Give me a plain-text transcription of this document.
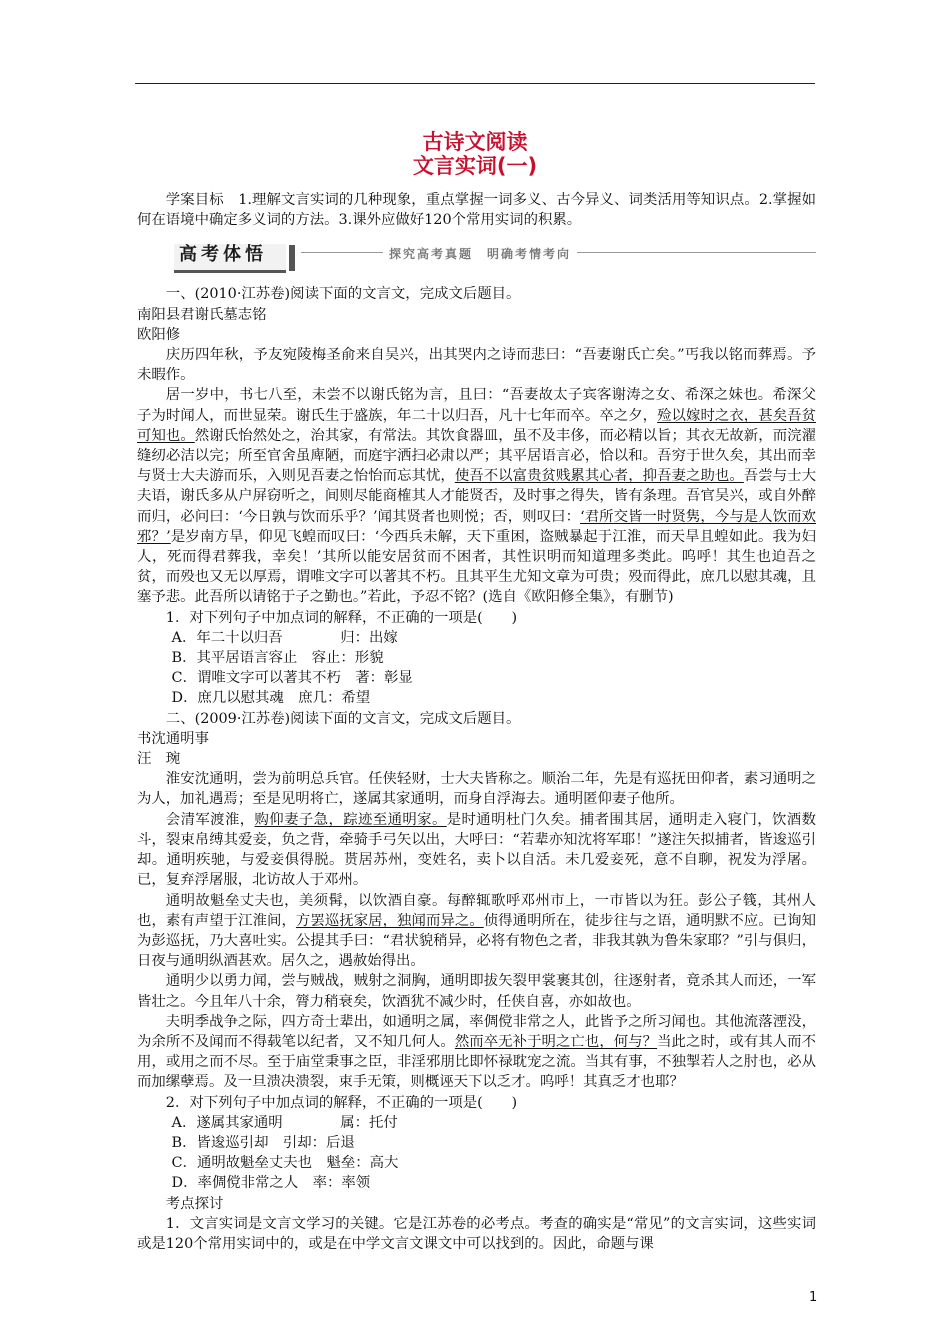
古诗文阅读
文言实词(一)

学案目标　1.理解文言实词的几种现象，重点掌握一词多义、古今异义、词类活用等知识点。2.掌握如何在语境中确定多义词的方法。3.课外应做好120个常用实词的积累。

高考体悟	探究高考真题　明确考情考向

一、(2010·江苏卷)阅读下面的文言文，完成文后题目。

南阳县君谢氏墓志铭

欧阳修

庆历四年秋，予友宛陵梅圣俞来自吴兴，出其哭内之诗而悲曰：“吾妻谢氏亡矣。”丐我以铭而葬焉。予未暇作。

居一岁中，书七八至，未尝不以谢氏铭为言，且曰：“吾妻故太子宾客谢涛之女、希深之妹也。希深父子为时闻人，而世显荣。谢氏生于盛族，年二十以归吾，凡十七年而卒。卒之夕，殓以嫁时之衣，甚矣吾贫可知也。然谢氏怡然处之，治其家，有常法。其饮食器皿，虽不及丰侈，而必精以旨；其衣无故新，而浣濯缝纫必洁以完；所至官舍虽庳陋，而庭宇洒扫必肃以严；其平居语言必，恰以和。吾穷于世久矣，其出而幸与贤士大夫游而乐，入则见吾妻之怡怡而忘其忧，使吾不以富贵贫贱累其心者，抑吾妻之助也。吾尝与士大夫语，谢氏多从户屏窃听之，间则尽能商榷其人才能贤否，及时事之得失，皆有条理。吾官吴兴，或自外醉而归，必问曰：‘今日孰与饮而乐乎？’闻其贤者也则悦；否，则叹曰：‘君所交皆一时贤隽，今与是人饮而欢邪？’是岁南方旱，仰见飞蝗而叹曰：‘今西兵未解，天下重困，盗贼暴起于江淮，而天旱且蝗如此。我为妇人，死而得君葬我，幸矣！’其所以能安居贫而不困者，其性识明而知道理多类此。呜呼！其生也迫吾之贫，而殁也又无以厚焉，谓唯文字可以著其不朽。且其平生尤知文章为可贵；殁而得此，庶几以慰其魂，且塞予悲。此吾所以请铭于子之勤也。”若此，予忍不铭？(选自《欧阳修全集》，有删节)

1．对下列句子中加点词的解释，不正确的一项是(　　)

A．年二十以归吾　　　　归：出嫁

B．其平居语言容止　容止：形貌

C．谓唯文字可以著其不朽　著：彰显

D．庶几以慰其魂　庶几：希望

二、(2009·江苏卷)阅读下面的文言文，完成文后题目。

书沈通明事

汪　琬

淮安沈通明，尝为前明总兵官。任侠轻财，士大夫皆称之。顺治二年，先是有巡抚田仰者，素习通明之为人，加礼遇焉；至是见明将亡，遂属其家通明，而身自浮海去。通明匿仰妻子他所。

会清军渡淮，购仰妻子急，踪迹至通明家。是时通明杜门久矣。捕者围其居，通明走入寝门，饮酒数斗，裂束帛缚其爱妾，负之背，牵骑手弓矢以出，大呼曰：“若辈亦知沈将军耶！”遂注矢拟捕者，皆逡巡引却。通明疾驰，与爱妾俱得脱。贳居苏州，变姓名，卖卜以自活。未几爱妾死，意不自聊，祝发为浮屠。已，复弃浮屠服，北访故人于邓州。

通明故魁垒丈夫也，美须髯，以饮酒自豪。每醉辄歌呼邓州市上，一市皆以为狂。彭公子篯，其州人也，素有声望于江淮间，方罢巡抚家居，独闻而异之。侦得通明所在，徒步往与之语，通明默不应。已询知为彭巡抚，乃大喜吐实。公提其手曰：“君状貌稍异，必将有物色之者，非我其孰为鲁朱家耶？”引与俱归，日夜与通明纵酒甚欢。居久之，遇赦始得出。

通明少以勇力闻，尝与贼战，贼射之洞胸，通明即拔矢裂甲裳裹其创，往逐射者，竟杀其人而还，一军皆壮之。今且年八十余，膂力稍衰矣，饮酒犹不减少时，任侠自喜，亦如故也。

夫明季战争之际，四方奇士辈出，如通明之属，率倜傥非常之人，此皆予之所习闻也。其他流落湮没，为余所不及闻而不得载笔以纪者，又不知几何人。然而卒无补于明之亡也，何与？当此之时，或有其人而不用，或用之而不尽。至于庙堂秉事之臣，非淫邪朋比即怀禄耽宠之流。当其有事，不独掣若人之肘也，必从而加缧孽焉。及一旦溃决溃裂，束手无策，则概诬天下以乏才。呜呼！其真乏才也耶？

2．对下列句子中加点词的解释，不正确的一项是(　　)

A．遂属其家通明　　　　属：托付

B．皆逡巡引却　引却：后退

C．通明故魁垒丈夫也　魁垒：高大

D．率倜傥非常之人　率：率领

考点探讨

1．文言实词是文言文学习的关键。它是江苏卷的必考点。考查的确实是“常见”的文言实词，这些实词或是120个常用实词中的，或是在中学文言文课文中可以找到的。因此，命题与课

1
